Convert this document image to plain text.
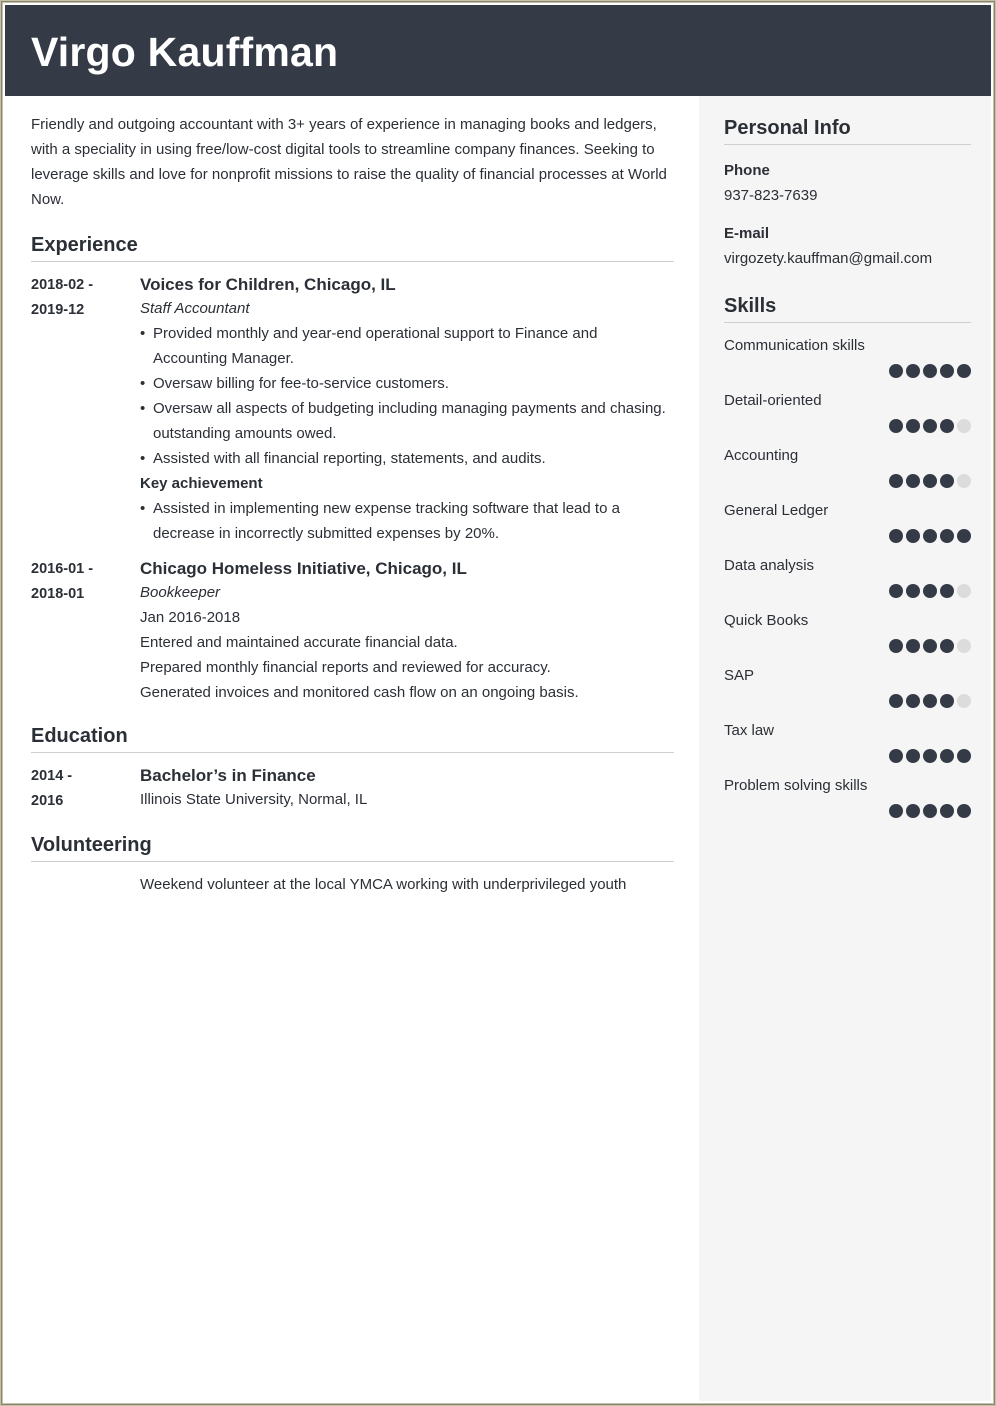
Virgo Kauffman

Friendly and outgoing accountant with 3+ years of experience in managing books and ledgers, with a speciality in using free/low-cost digital tools to streamline company finances. Seeking to leverage skills and love for nonprofit missions to raise the quality of financial processes at World Now.

Experience
2018-02 -
2019-12
Voices for Children, Chicago, IL
Staff Accountant
• Provided monthly and year-end operational support to Finance and Accounting Manager.
• Oversaw billing for fee-to-service customers.
• Oversaw all aspects of budgeting including managing payments and chasing. outstanding amounts owed.
• Assisted with all financial reporting, statements, and audits.
Key achievement
• Assisted in implementing new expense tracking software that lead to a decrease in incorrectly submitted expenses by 20%.
2016-01 -
2018-01
Chicago Homeless Initiative, Chicago, IL
Bookkeeper
Jan 2016-2018
Entered and maintained accurate financial data.
Prepared monthly financial reports and reviewed for accuracy.
Generated invoices and monitored cash flow on an ongoing basis.
Education
2014 -
2016
Bachelor’s in Finance
Illinois State University, Normal, IL
Volunteering
Weekend volunteer at the local YMCA working with underprivileged youth
Personal Info
Phone
937-823-7639
E-mail
virgozety.kauffman@gmail.com
Skills
Communication skills
Detail-oriented
Accounting
General Ledger
Data analysis
Quick Books
SAP
Tax law
Problem solving skills
